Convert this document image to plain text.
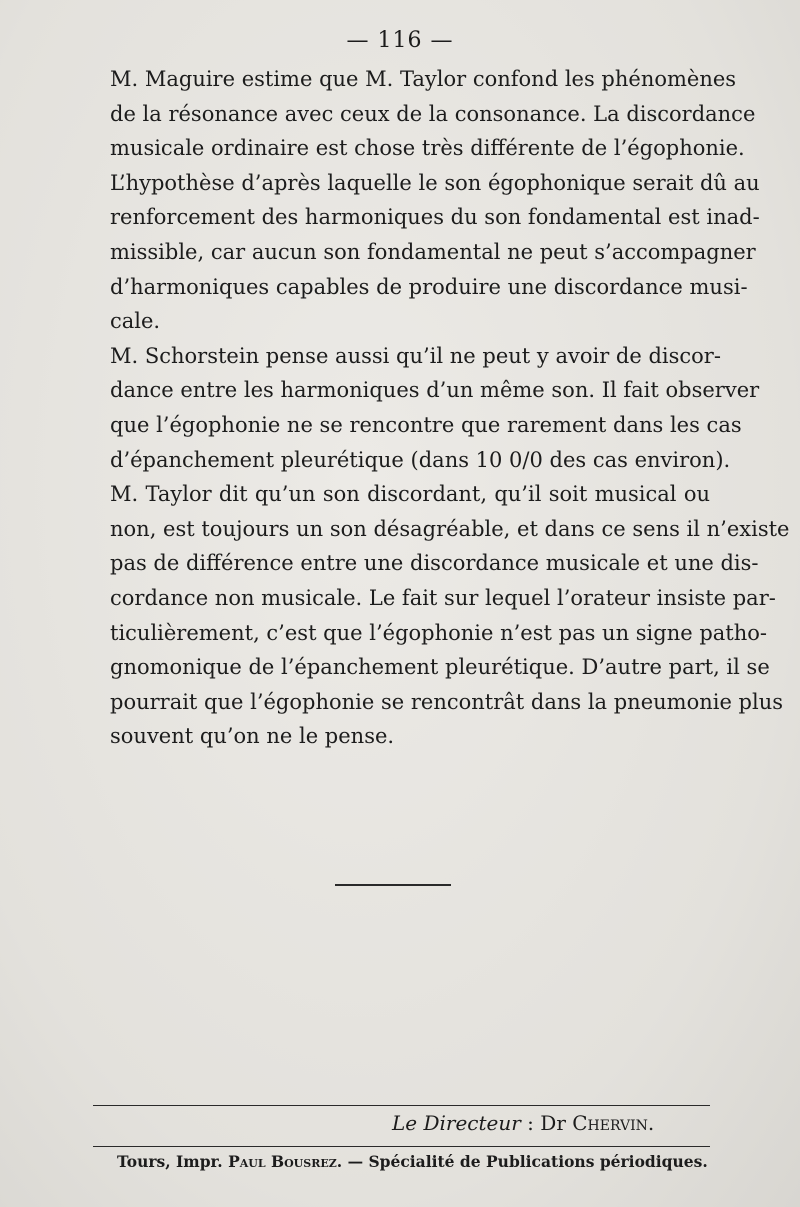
— 116 —

M. Maguire estime que M. Taylor confond les phénomènes
de la résonance avec ceux de la consonance. La discordance
musicale ordinaire est chose très différente de l’égophonie.
L’hypothèse d’après laquelle le son égophonique serait dû au
renforcement des harmoniques du son fondamental est inad-
missible, car aucun son fondamental ne peut s’accompagner
d’harmoniques capables de produire une discordance musi-
cale.

M. Schorstein pense aussi qu’il ne peut y avoir de discor-
dance entre les harmoniques d’un même son. Il fait observer
que l’égophonie ne se rencontre que rarement dans les cas
d’épanchement pleurétique (dans 10 0/0 des cas environ).

M. Taylor dit qu’un son discordant, qu’il soit musical ou
non, est toujours un son désagréable, et dans ce sens il n’existe
pas de différence entre une discordance musicale et une dis-
cordance non musicale. Le fait sur lequel l’orateur insiste par-
ticulièrement, c’est que l’égophonie n’est pas un signe patho-
gnomonique de l’épanchement pleurétique. D’autre part, il se
pourrait que l’égophonie se rencontrât dans la pneumonie plus
souvent qu’on ne le pense.

Le Directeur : Dr Chervin.
Tours, Impr. Paul Bousrez. — Spécialité de Publications périodiques.
